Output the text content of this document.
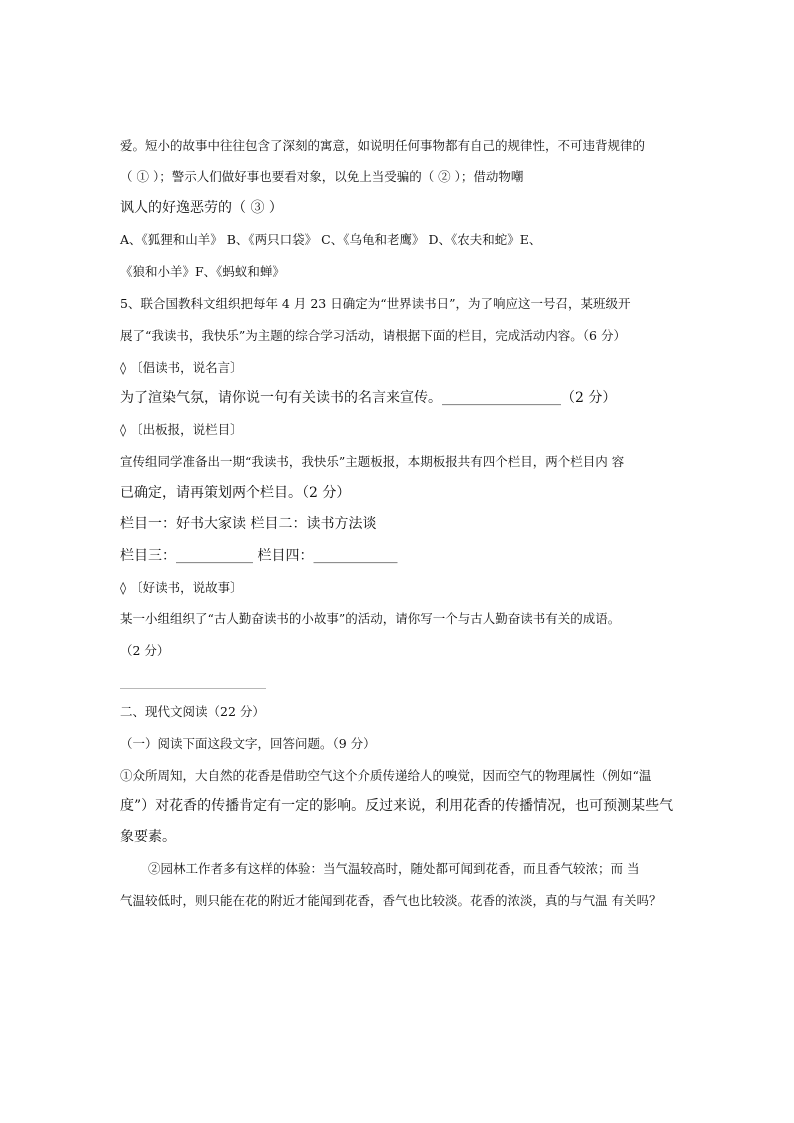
爱。短小的故事中往往包含了深刻的寓意，如说明任何事物都有自己的规律性，不可违背规律的
（ ① ）；警示人们做好事也要看对象，以免上当受骗的（ ② ）；借动物嘲
讽人的好逸恶劳的（ ③ ）
A、《狐狸和山羊》 B、《两只口袋》 C、《乌龟和老鹰》 D、《农夫和蛇》E、
《狼和小羊》F、《蚂蚁和蝉》
5、联合国教科文组织把每年 4 月 23 日确定为“世界读书日”，为了响应这一号召，某班级开
展了“我读书，我快乐”为主题的综合学习活动，请根据下面的栏目，完成活动内容。（6 分）
◊ 〔倡读书，说名言〕
为了渲染气氛，请你说一句有关读书的名言来宣传。_________________（2 分）
◊ 〔出板报，说栏目〕
宣传组同学准备出一期“我读书，我快乐”主题板报，本期板报共有四个栏目，两个栏目内 容
已确定，请再策划两个栏目。（2 分）
栏目一：好书大家读 栏目二：读书方法谈
栏目三：___________ 栏目四：____________
◊ 〔好读书，说故事〕
某一小组组织了“古人勤奋读书的小故事”的活动，请你写一个与古人勤奋读书有关的成语。
（2 分）
二、现代文阅读（22 分）
（一）阅读下面这段文字，回答问题。（9 分）
①众所周知，大自然的花香是借助空气这个介质传递给人的嗅觉，因而空气的物理属性（例如“温
度”）对花香的传播肯定有一定的影响。反过来说，利用花香的传播情况，也可预测某些气
象要素。
②园林工作者多有这样的体验：当气温较高时，随处都可闻到花香，而且香气较浓；而 当
气温较低时，则只能在花的附近才能闻到花香，香气也比较淡。花香的浓淡，真的与气温 有关吗？
